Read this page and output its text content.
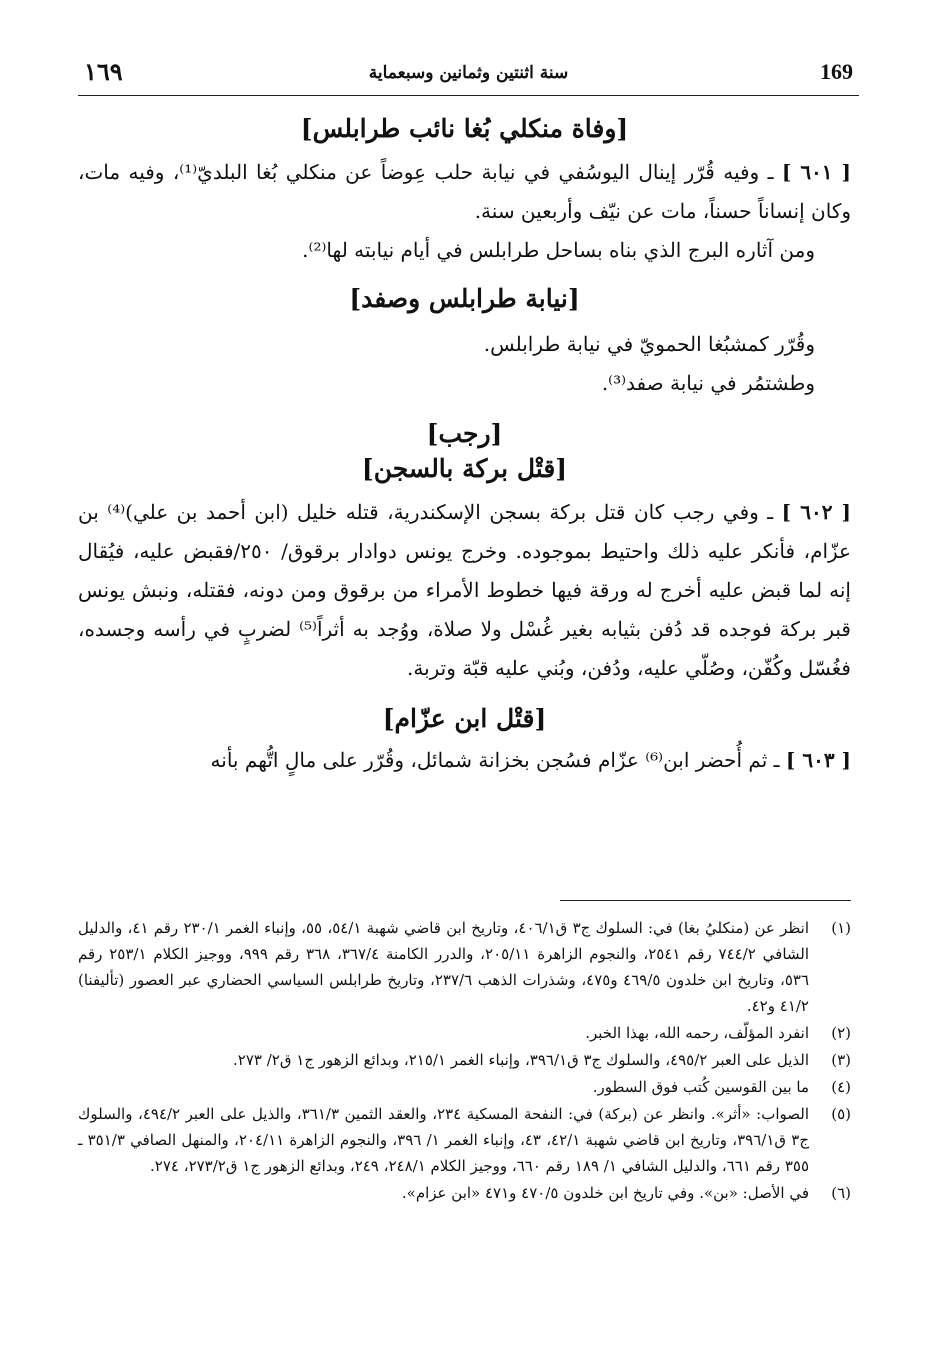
١٦٩	سنة اثنتين وثمانين وسبعماية	169

[وفاة منكلي بُغا نائب طرابلس]

[ ٦٠١ ] ـ وفيه قُرّر إينال اليوسُفي في نيابة حلب عِوضاً عن منكلي بُغا البلديّ⁽¹⁾، وفيه مات، وكان إنساناً حسناً، مات عن نيّف وأربعين سنة.

ومن آثاره البرج الذي بناه بساحل طرابلس في أيام نيابته لها⁽²⁾.

[نيابة طرابلس وصفد]

وقُرّر كمشبُغا الحمويّ في نيابة طرابلس.

وطشتمُر في نيابة صفد⁽³⁾.

[رجب]

[قتْل بركة بالسجن]

[ ٦٠٢ ] ـ وفي رجب كان قتل بركة بسجن الإسكندرية، قتله خليل (ابن أحمد بن علي)⁽⁴⁾ بن عزّام، فأنكر عليه ذلك واحتيط بموجوده. وخرج يونس دوادار برقوق/ ٢٥٠/فقبض عليه، فيُقال إنه لما قبض عليه أخرج له ورقة فيها خطوط الأمراء من برقوق ومن دونه، فقتله، ونبش يونس قبر بركة فوجده قد دُفن بثيابه بغير غُسْل ولا صلاة، ووُجد به أثراً⁽⁵⁾ لضربٍ في رأسه وجسده، فغُسّل وكُفّن، وصُلّي عليه، ودُفن، وبُني عليه قبّة وتربة.

[قتْل ابن عزّام]

[ ٦٠٣ ] ـ ثم أُحضر ابن⁽⁶⁾ عزّام فسُجن بخزانة شمائل، وقُرّر على مالٍ اتُّهم بأنه

(١)
انظر عن (منكليُ بغا) في: السلوك ج٣ ق٤٠٦/١، وتاريخ ابن قاضي شهبة ٥٤/١، ٥٥، وإنباء الغمر ٢٣٠/١ رقم ٤١، والدليل الشافي ٧٤٤/٢ رقم ٢٥٤١، والنجوم الزاهرة ٢٠٥/١١، والدرر الكامنة ٣٦٧/٤، ٣٦٨ رقم ٩٩٩، ووجيز الكلام ٢٥٣/١ رقم ٥٣٦، وتاريخ ابن خلدون ٤٦٩/٥ و٤٧٥، وشذرات الذهب ٢٣٧/٦، وتاريخ طرابلس السياسي الحضاري عبر العصور (تأليفنا) ٤١/٢ و٤٢.

(٢)
انفرد المؤلّف، رحمه الله، بهذا الخبر.

(٣)
الذيل على العبر ٤٩٥/٢، والسلوك ج٣ ق٣٩٦/١، وإنباء الغمر ٢١٥/١، وبدائع الزهور ج١ ق٢/ ٢٧٣.

(٤)
ما بين القوسين كُتب فوق السطور.

(٥)
الصواب: «أثر». وانظر عن (بركة) في: النفحة المسكية ٢٣٤، والعقد الثمين ٣٦١/٣، والذيل على العبر ٤٩٤/٢، والسلوك ج٣ ق٣٩٦/١، وتاريخ ابن قاضي شهبة ٤٢/١، ٤٣، وإنباء الغمر ١/ ٣٩٦، والنجوم الزاهرة ٢٠٤/١١، والمنهل الصافي ٣٥١/٣ ـ ٣٥٥ رقم ٦٦١، والدليل الشافي ١/ ١٨٩ رقم ٦٦٠، ووجيز الكلام ٢٤٨/١، ٢٤٩، وبدائع الزهور ج١ ق٢٧٣/٢، ٢٧٤.

(٦)
في الأصل: «بن». وفي تاريخ ابن خلدون ٤٧٠/٥ و٤٧١ «ابن عزام».
